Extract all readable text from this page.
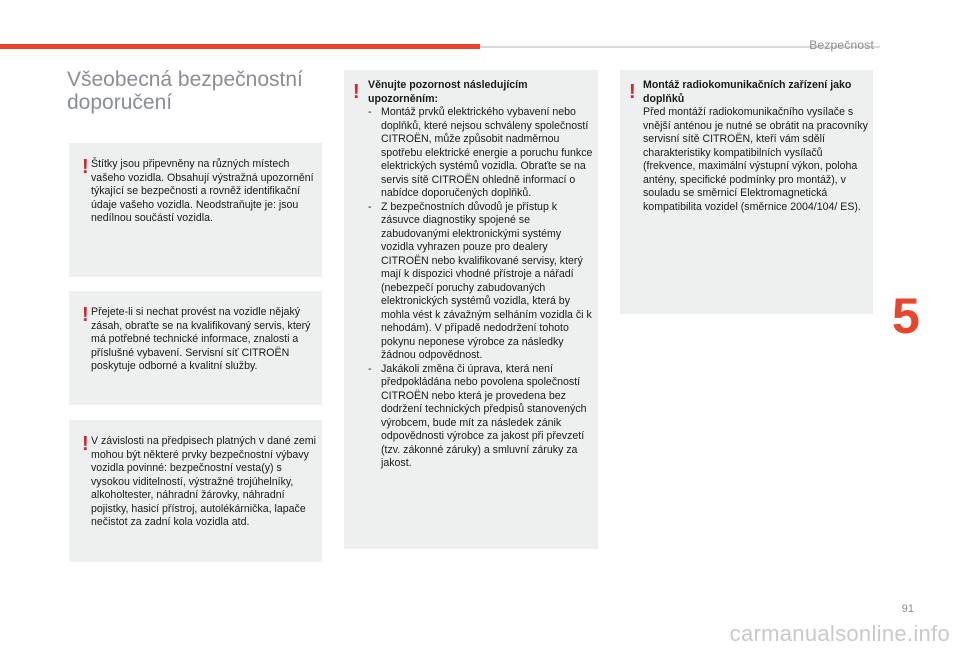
Bezpečnost
Všeobecná bezpečnostní doporučení
! Štítky jsou připevněny na různých místech vašeho vozidla. Obsahují výstražná upozornění týkající se bezpečnosti a rovněž identifikační údaje vašeho vozidla. Neodstraňujte je: jsou nedílnou součástí vozidla.
! Přejete-li si nechat provést na vozidle nějaký zásah, obraťte se na kvalifikovaný servis, který má potřebné technické informace, znalosti a příslušné vybavení. Servisní síť CITROËN poskytuje odborné a kvalitní služby.
! V závislosti na předpisech platných v dané zemi mohou být některé prvky bezpečnostní výbavy vozidla povinné: bezpečnostní vesta(y) s vysokou viditelností, výstražné trojúhelníky, alkoholtester, náhradní žárovky, náhradní pojistky, hasicí přístroj, autolékárnička, lapače nečistot za zadní kola vozidla atd.
! Věnujte pozornost následujícím upozorněním:
- Montáž prvků elektrického vybavení nebo doplňků, které nejsou schváleny společností CITROËN, může způsobit nadměrnou spotřebu elektrické energie a poruchu funkce elektrických systémů vozidla. Obraťte se na servis sítě CITROËN ohledně informací o nabídce doporučených doplňků.
- Z bezpečnostních důvodů je přístup k zásuvce diagnostiky spojené se zabudovanými elektronickými systémy vozidla vyhrazen pouze pro dealery CITROËN nebo kvalifikované servisy, který mají k dispozici vhodné přístroje a nářadí (nebezpečí poruchy zabudovaných elektronických systémů vozidla, která by mohla vést k závažným selháním vozidla či k nehodám). V případě nedodržení tohoto pokynu neponese výrobce za následky žádnou odpovědnost.
- Jakákoli změna či úprava, která není předpokládána nebo povolena společností CITROËN nebo která je provedena bez dodržení technických předpisů stanovených výrobcem, bude mít za následek zánik odpovědnosti výrobce za jakost při převzetí (tzv. zákonné záruky) a smluvní záruky za jakost.
! Montáž radiokomunikačních zařízení jako doplňků
Před montáží radiokomunikačního vysílače s vnější anténou je nutné se obrátit na pracovníky servisní sítě CITROËN, kteří vám sdělí charakteristiky kompatibilních vysílačů (frekvence, maximální výstupní výkon, poloha antény, specifické podmínky pro montáž), v souladu se směrnicí Elektromagnetická kompatibilita vozidel (směrnice 2004/104/ ES).
5
91
carmanualsonline.info
